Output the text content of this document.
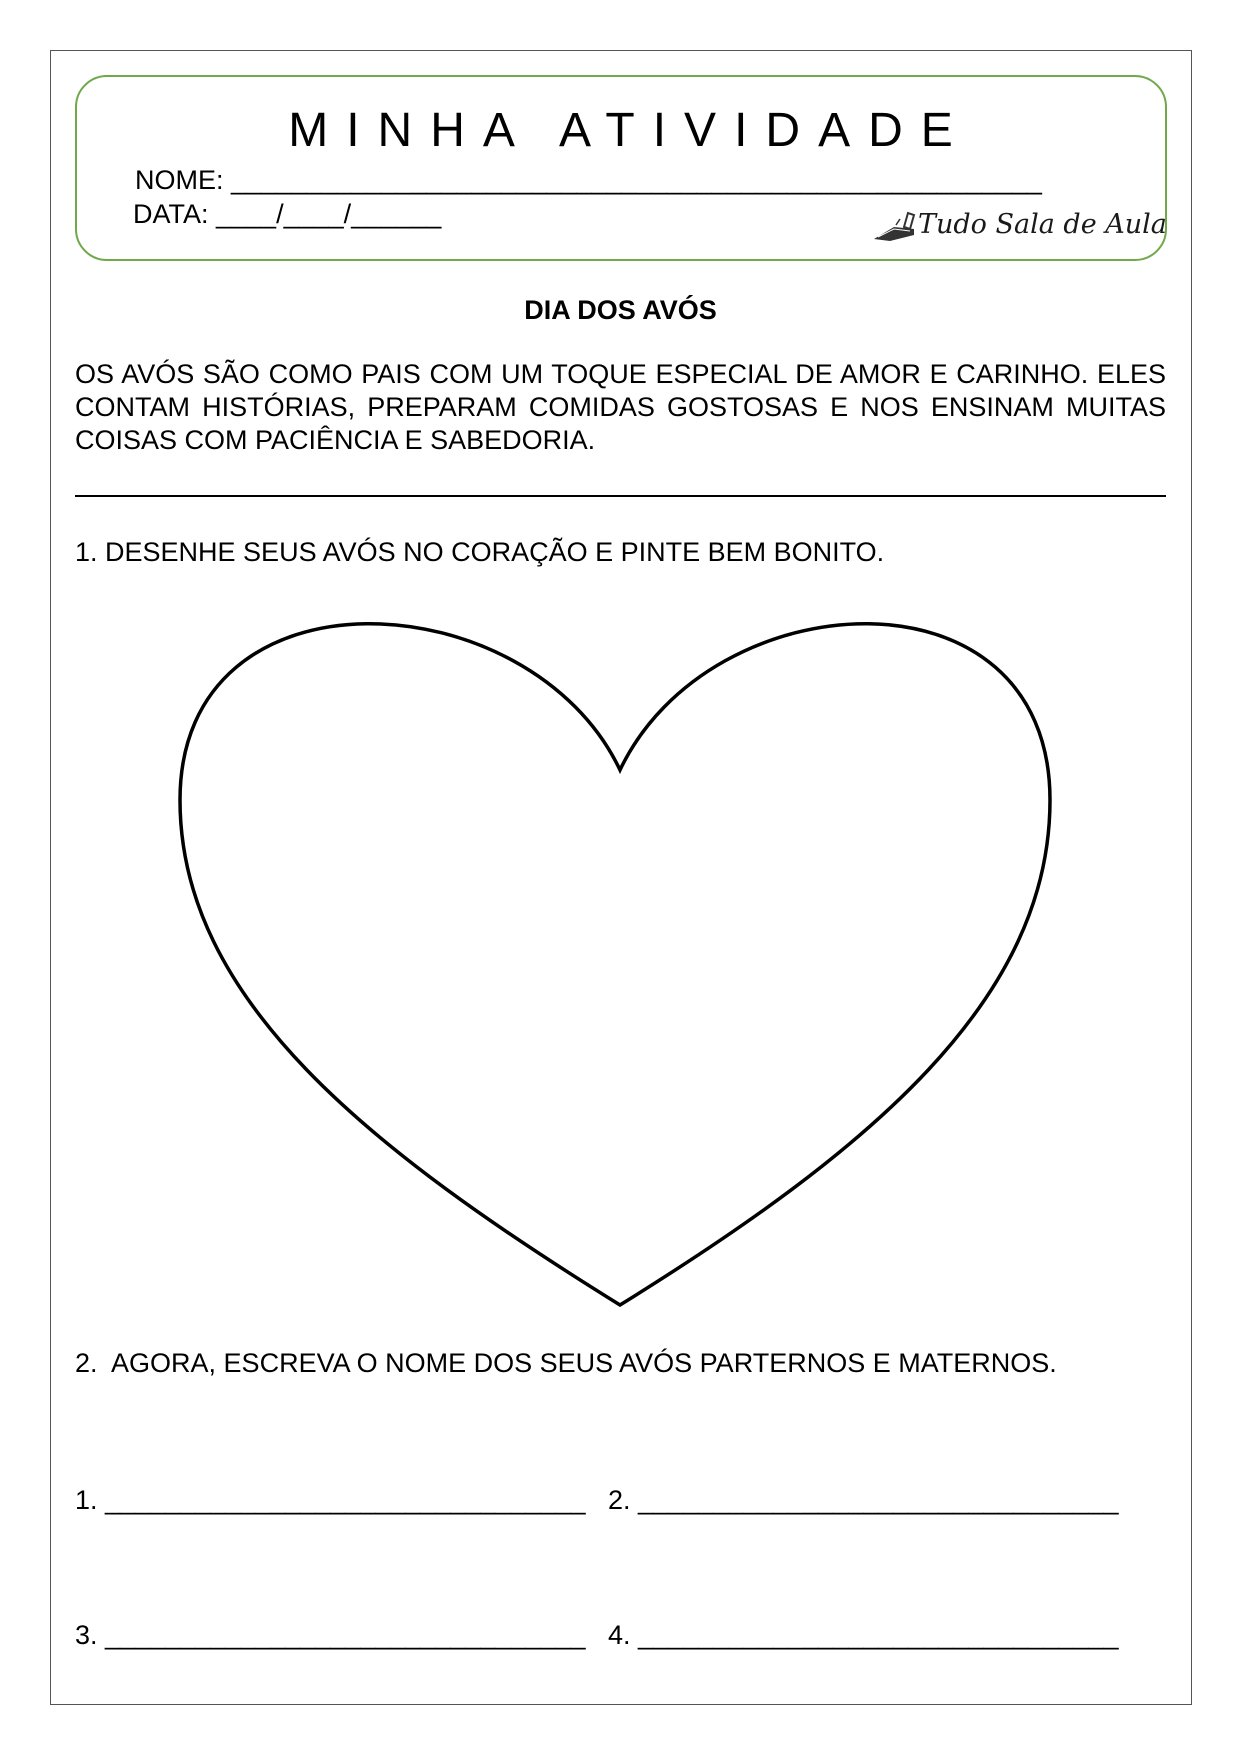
MINHA ATIVIDADE
NOME: ______________________________________________________
DATA: ____/____/______	Tudo Sala de Aula
DIA DOS AVÓS
OS AVÓS SÃO COMO PAIS COM UM TOQUE ESPECIAL DE AMOR E CARINHO. ELES CONTAM HISTÓRIAS, PREPARAM COMIDAS GOSTOSAS E NOS ENSINAM MUITAS COISAS COM PACIÊNCIA E SABEDORIA.
1. DESENHE SEUS AVÓS NO CORAÇÃO E PINTE BEM BONITO.
2.  AGORA, ESCREVA O NOME DOS SEUS AVÓS PARTERNOS E MATERNOS.
1. ________________________________ 2. ________________________________
3. ________________________________ 4. ________________________________
